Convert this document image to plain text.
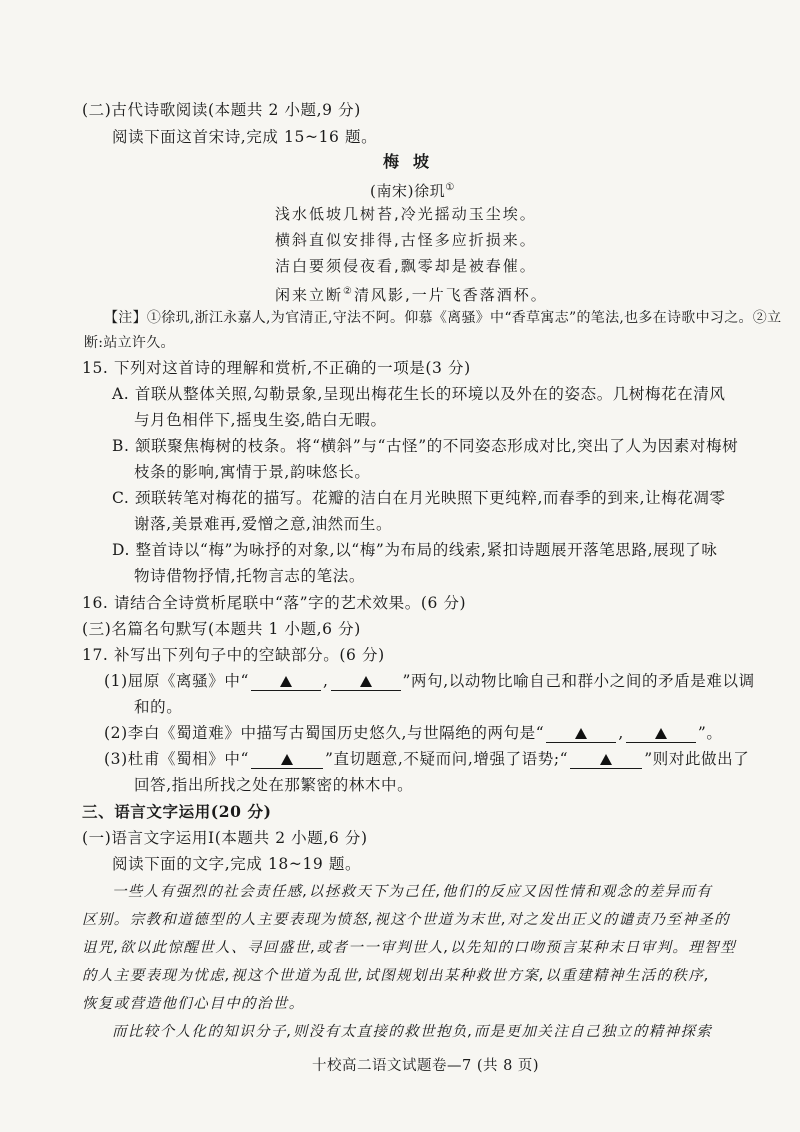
(二)古代诗歌阅读(本题共 2 小题,9 分)
阅读下面这首宋诗,完成 15~16 题。
梅坡
(南宋)徐玑①
浅水低坡几树苔,冷光摇动玉尘埃。
横斜直似安排得,古怪多应折损来。
洁白要须侵夜看,飘零却是被春催。
闲来立断②清风影,一片飞香落酒杯。
【注】①徐玑,浙江永嘉人,为官清正,守法不阿。仰慕《离骚》中“香草寓志”的笔法,也多在诗歌中习之。②立
断:站立许久。
15. 下列对这首诗的理解和赏析,不正确的一项是(3 分)
A. 首联从整体关照,勾勒景象,呈现出梅花生长的环境以及外在的姿态。几树梅花在清风
与月色相伴下,摇曳生姿,皓白无暇。
B. 颔联聚焦梅树的枝条。将“横斜”与“古怪”的不同姿态形成对比,突出了人为因素对梅树
枝条的影响,寓情于景,韵味悠长。
C. 颈联转笔对梅花的描写。花瓣的洁白在月光映照下更纯粹,而春季的到来,让梅花凋零
谢落,美景难再,爱憎之意,油然而生。
D. 整首诗以“梅”为咏抒的对象,以“梅”为布局的线索,紧扣诗题展开落笔思路,展现了咏
物诗借物抒情,托物言志的笔法。
16. 请结合全诗赏析尾联中“落”字的艺术效果。(6 分)
(三)名篇名句默写(本题共 1 小题,6 分)
17. 补写出下列句子中的空缺部分。(6 分)
(1)屈原《离骚》中“	,	”两句,以动物比喻自己和群小之间的矛盾是难以调
和的。
(2)李白《蜀道难》中描写古蜀国历史悠久,与世隔绝的两句是“	,	”。
(3)杜甫《蜀相》中“	”直切题意,不疑而问,增强了语势;“	”则对此做出了
回答,指出所找之处在那繁密的林木中。
三、语言文字运用(20 分)
(一)语言文字运用Ⅰ(本题共 2 小题,6 分)
阅读下面的文字,完成 18~19 题。
一些人有强烈的社会责任感,以拯救天下为己任,他们的反应又因性情和观念的差异而有
区别。宗教和道德型的人主要表现为愤怒,视这个世道为末世,对之发出正义的谴责乃至神圣的
诅咒,欲以此惊醒世人、寻回盛世,或者一一审判世人,以先知的口吻预言某种末日审判。理智型
的人主要表现为忧虑,视这个世道为乱世,试图规划出某种救世方案,以重建精神生活的秩序,
恢复或营造他们心目中的治世。
而比较个人化的知识分子,则没有太直接的救世抱负,而是更加关注自己独立的精神探索
十校高二语文试题卷—7 (共 8 页)
